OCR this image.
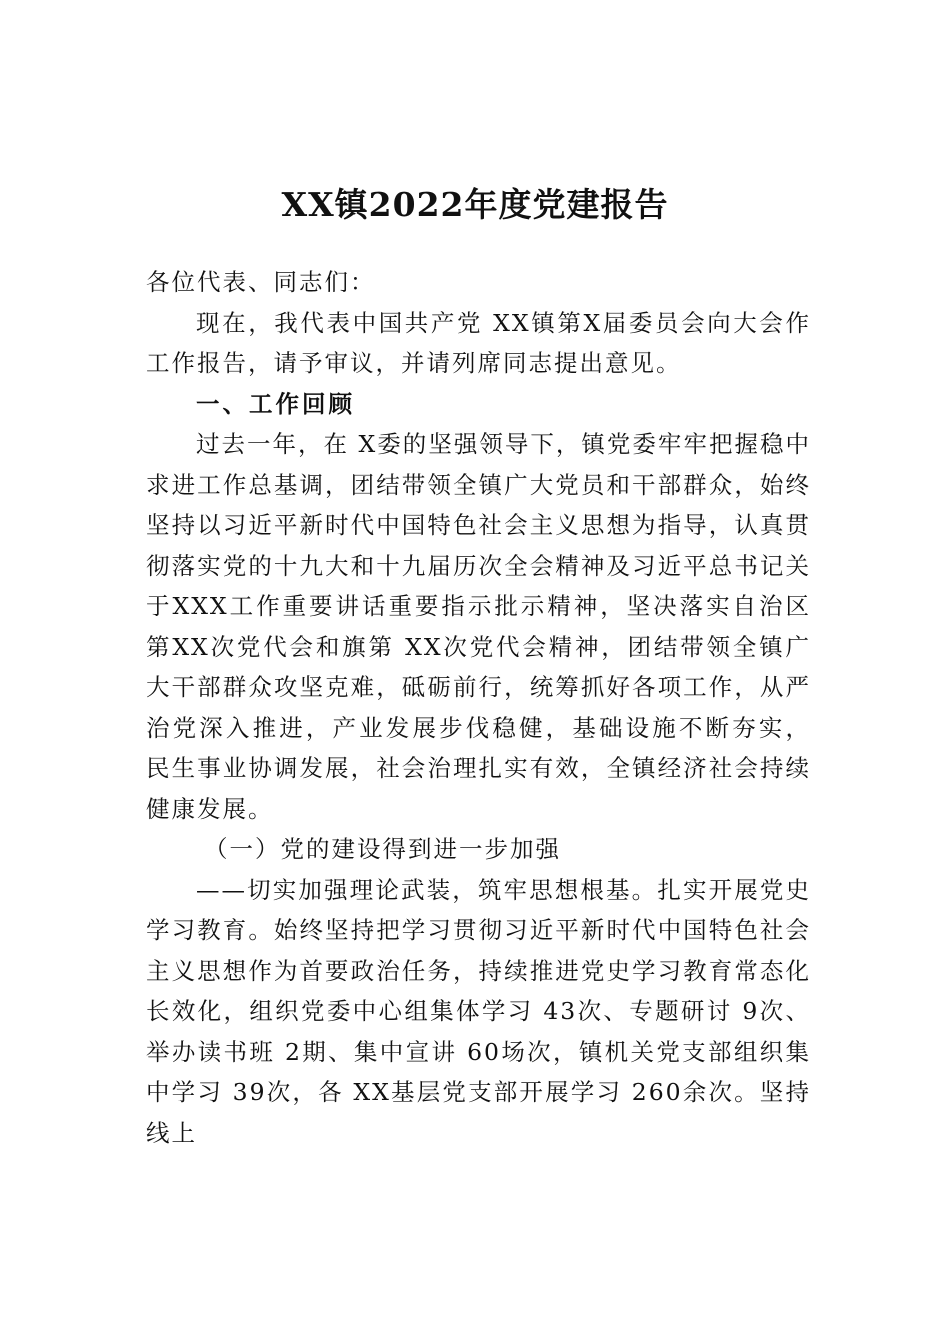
XX镇2022年度党建报告

各位代表、同志们：

现在，我代表中国共产党 XX镇第X届委员会向大会作工作报告，请予审议，并请列席同志提出意见。

一、工作回顾

过去一年，在 X委的坚强领导下，镇党委牢牢把握稳中求进工作总基调，团结带领全镇广大党员和干部群众，始终坚持以习近平新时代中国特色社会主义思想为指导，认真贯彻落实党的十九大和十九届历次全会精神及习近平总书记关于XXX工作重要讲话重要指示批示精神，坚决落实自治区第XX次党代会和旗第 XX次党代会精神，团结带领全镇广大干部群众攻坚克难，砥砺前行，统筹抓好各项工作，从严治党深入推进，产业发展步伐稳健，基础设施不断夯实， 民生事业协调发展，社会治理扎实有效，全镇经济社会持续健康发展。

（一）党的建设得到进一步加强

——切实加强理论武装，筑牢思想根基。扎实开展党史学习教育。始终坚持把学习贯彻习近平新时代中国特色社会主义思想作为首要政治任务，持续推进党史学习教育常态化长效化，组织党委中心组集体学习 43次、专题研讨 9次、举办读书班 2期、集中宣讲 60场次，镇机关党支部组织集中学习 39次，各 XX基层党支部开展学习 260余次。坚持线上
